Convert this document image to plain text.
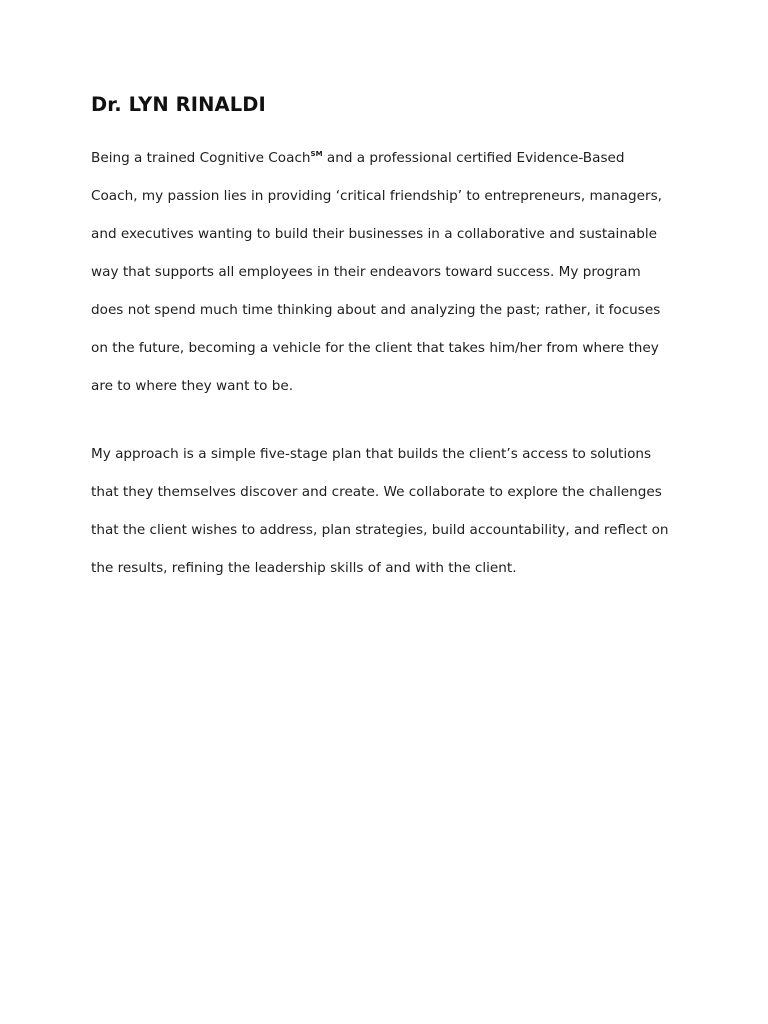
Dr. LYN RINALDI

Being a trained Cognitive Coach℠ and a professional certified Evidence-Based

Coach, my passion lies in providing ‘critical friendship’ to entrepreneurs, managers,

and executives wanting to build their businesses in a collaborative and sustainable

way that supports all employees in their endeavors toward success. My program

does not spend much time thinking about and analyzing the past; rather, it focuses

on the future, becoming a vehicle for the client that takes him/her from where they

are to where they want to be.

My approach is a simple five-stage plan that builds the client’s access to solutions

that they themselves discover and create. We collaborate to explore the challenges

that the client wishes to address, plan strategies, build accountability, and reflect on

the results, refining the leadership skills of and with the client.
